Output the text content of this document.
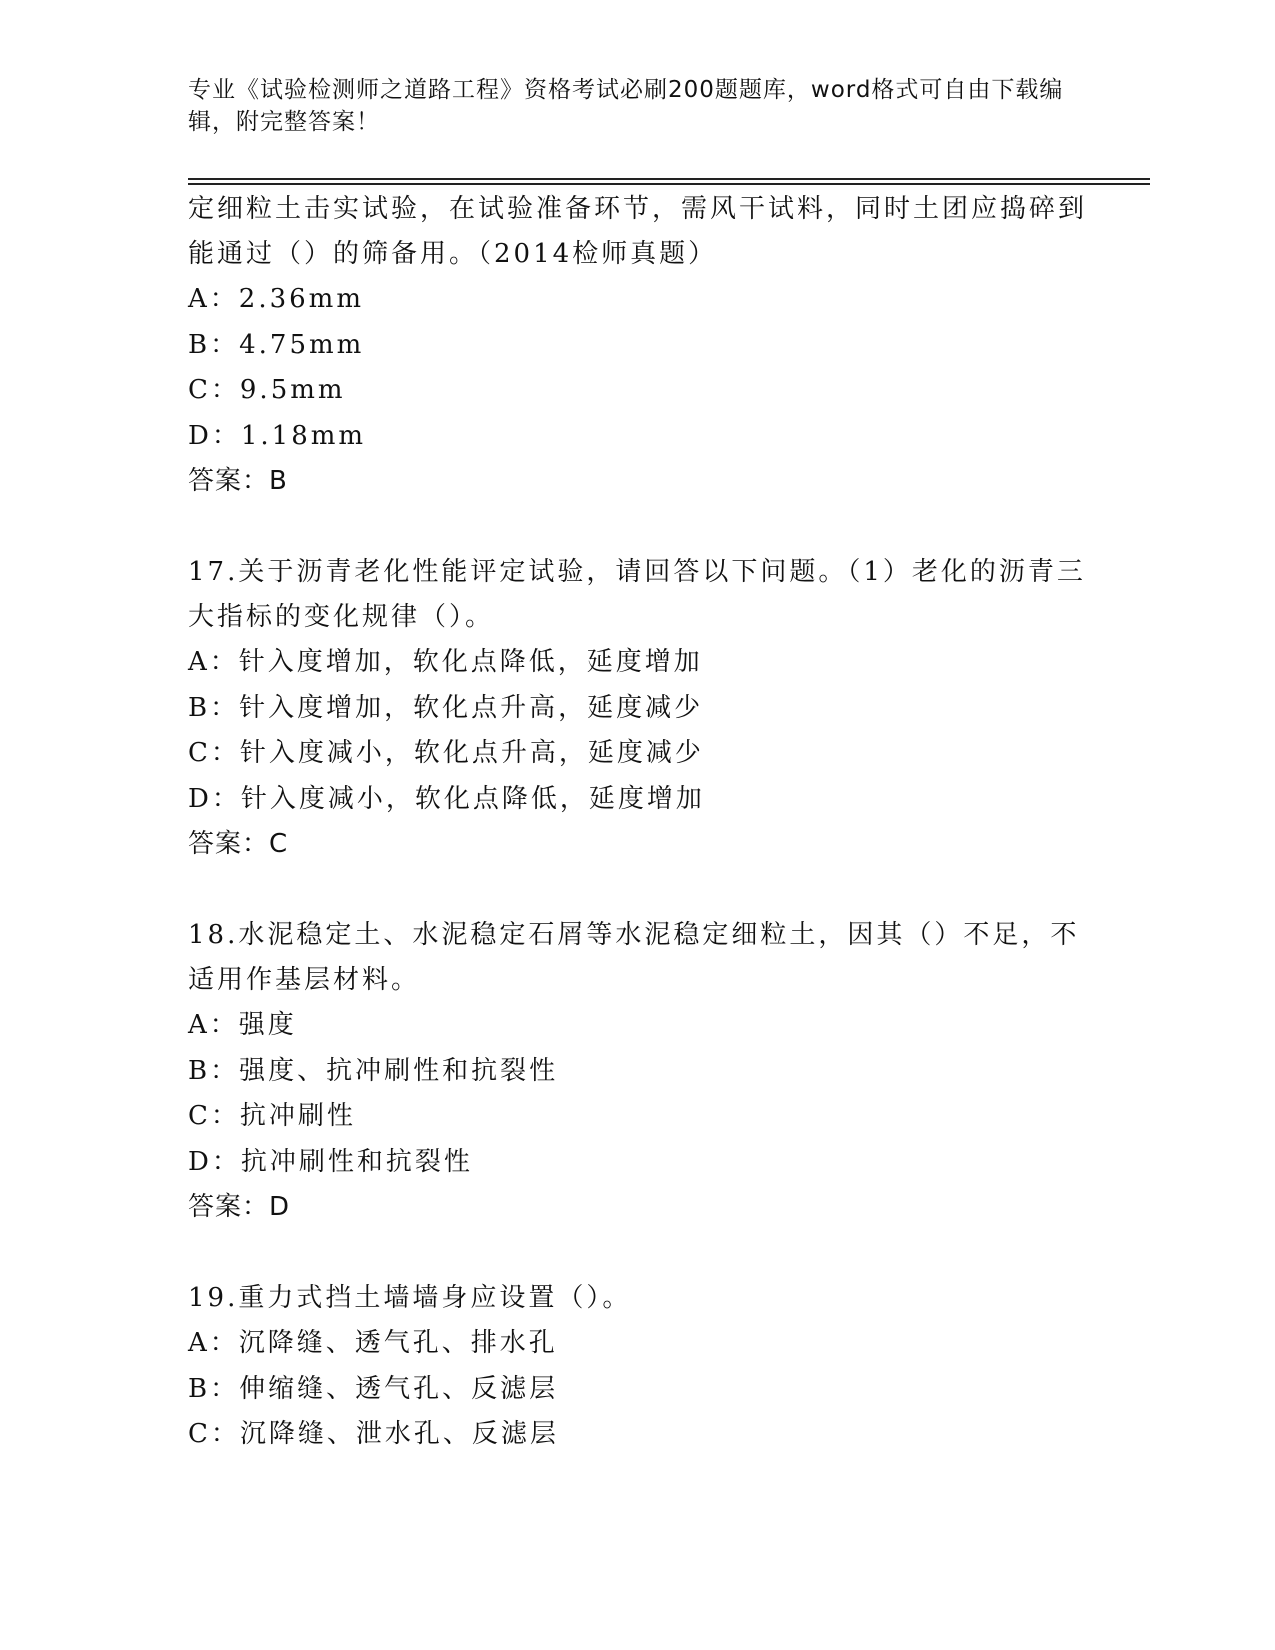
专业《试验检测师之道路工程》资格考试必刷200题题库，word格式可自由下载编辑，附完整答案！

定细粒土击实试验，在试验准备环节，需风干试料，同时土团应捣碎到能通过（）的筛备用。（2014检师真题）

A：2.36mm

B：4.75mm

C：9.5mm

D：1.18mm

答案：B

17.关于沥青老化性能评定试验，请回答以下问题。（1）老化的沥青三大指标的变化规律（）。

A：针入度增加，软化点降低，延度增加

B：针入度增加，软化点升高，延度减少

C：针入度减小，软化点升高，延度减少

D：针入度减小，软化点降低，延度增加

答案：C

18.水泥稳定土、水泥稳定石屑等水泥稳定细粒土，因其（）不足，不适用作基层材料。

A：强度

B：强度、抗冲刷性和抗裂性

C：抗冲刷性

D：抗冲刷性和抗裂性

答案：D

19.重力式挡土墙墙身应设置（）。

A：沉降缝、透气孔、排水孔

B：伸缩缝、透气孔、反滤层

C：沉降缝、泄水孔、反滤层
